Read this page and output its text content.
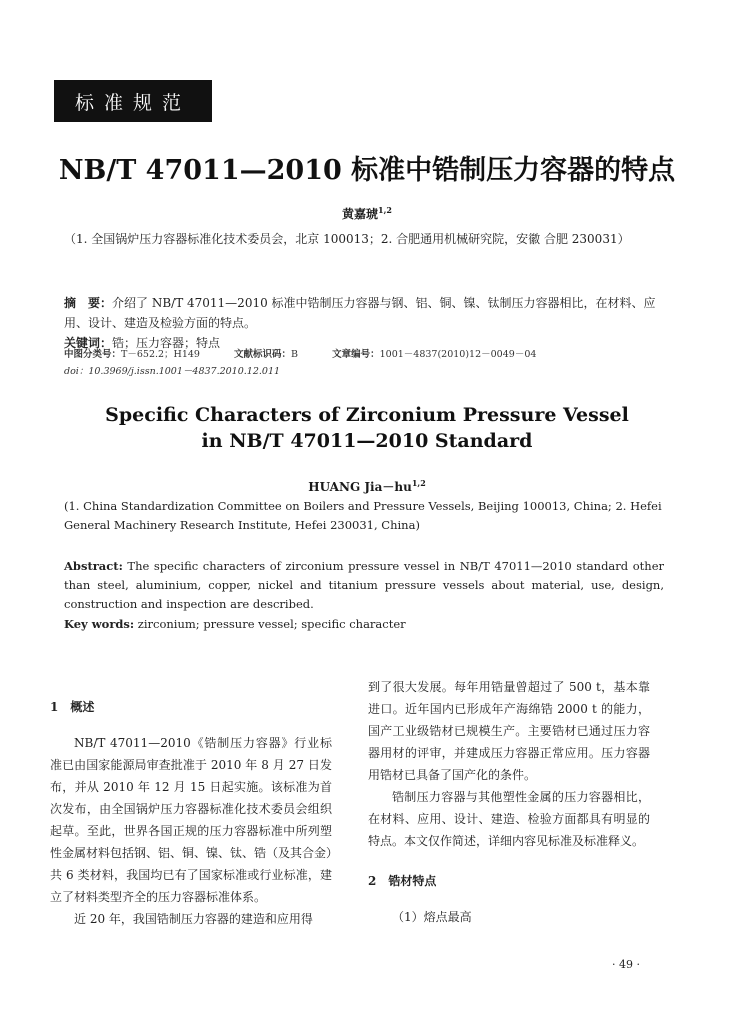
标准规范
NB/T 47011—2010 标准中锆制压力容器的特点
黄嘉琥$^{1,2}$
（1. 全国锅炉压力容器标准化技术委员会，北京 100013；2. 合肥通用机械研究院，安徽 合肥 230031）
摘　要：介绍了 NB/T 47011—2010 标准中锆制压力容器与钢、铝、铜、镍、钛制压力容器相比，在材料、应用、设计、建造及检验方面的特点。
关键词：锆；压力容器；特点
中图分类号：T－652.2；H149	文献标识码：B	文章编号：1001－4837(2010)12－0049－04
doi：10.3969/j.issn.1001－4837.2010.12.011
Specific Characters of Zirconium Pressure Vessel
in NB/T 47011—2010 Standard
HUANG Jia－hu$^{1,2}$
(1. China Standardization Committee on Boilers and Pressure Vessels, Beijing 100013, China; 2. Hefei General Machinery Research Institute, Hefei 230031, China)
Abstract: The specific characters of zirconium pressure vessel in NB/T 47011—2010 standard other than steel, aluminium, copper, nickel and titanium pressure vessels about material, use, design, construction and inspection are described.
Key words: zirconium; pressure vessel; specific character
1　概述

NB/T 47011—2010《锆制压力容器》行业标准已由国家能源局审查批准于 2010 年 8 月 27 日发布，并从 2010 年 12 月 15 日起实施。该标准为首次发布，由全国锅炉压力容器标准化技术委员会组织起草。至此，世界各国正规的压力容器标准中所列塑性金属材料包括钢、铝、铜、镍、钛、锆（及其合金）共 6 类材料，我国均已有了国家标准或行业标准，建立了材料类型齐全的压力容器标准体系。

近 20 年，我国锆制压力容器的建造和应用得

到了很大发展。每年用锆量曾超过了 500 t，基本靠进口。近年国内已形成年产海绵锆 2000 t 的能力，国产工业级锆材已规模生产。主要锆材已通过压力容器用材的评审，并建成压力容器正常应用。压力容器用锆材已具备了国产化的条件。

锆制压力容器与其他塑性金属的压力容器相比，在材料、应用、设计、建造、检验方面都具有明显的特点。本文仅作简述，详细内容见标准及标准释义。

2　锆材特点

（1）熔点最高

· 49 ·
